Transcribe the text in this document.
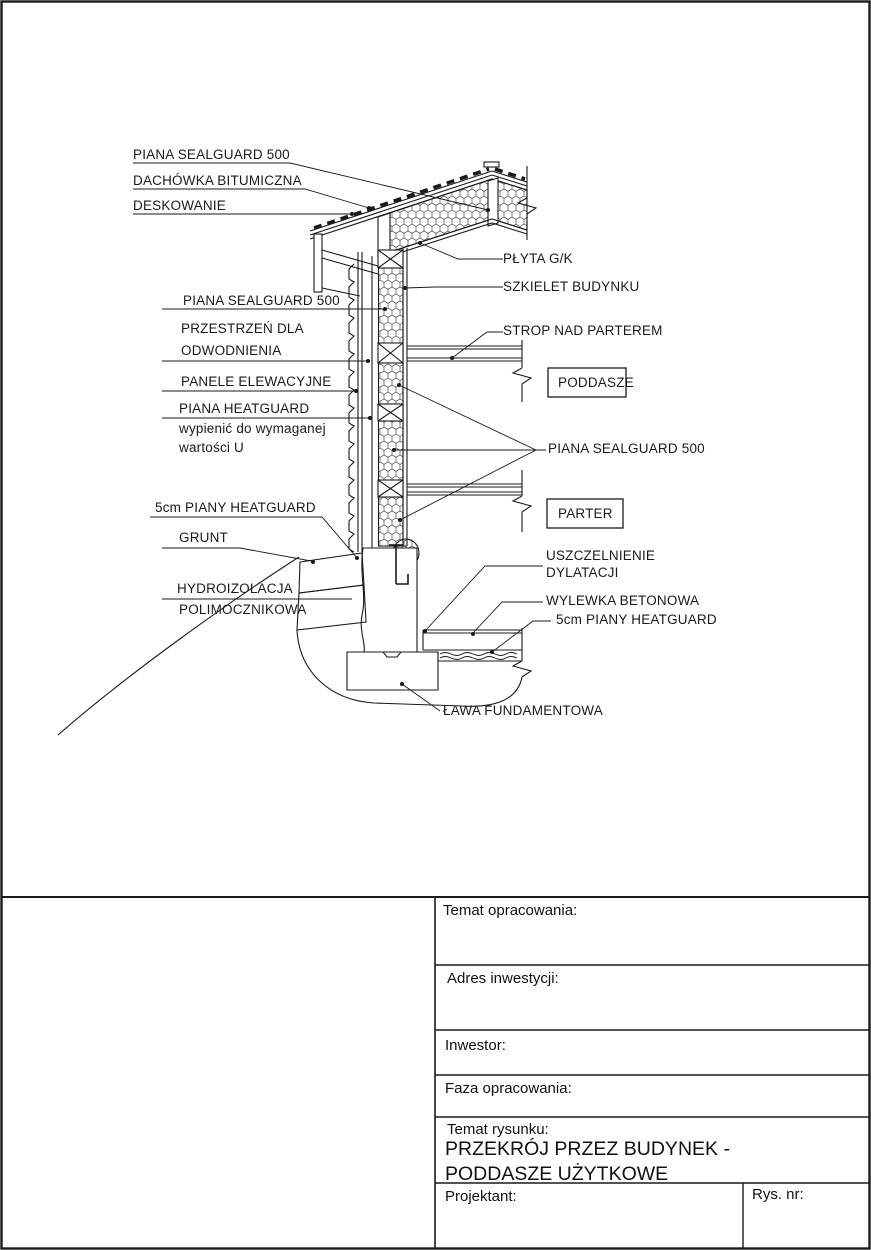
PIANA SEALGUARD 500
DACHÓWKA BITUMICZNA
DESKOWANIE
PIANA SEALGUARD 500
PRZESTRZEŃ DLA
ODWODNIENIA
PANELE ELEWACYJNE
PIANA HEATGUARD
wypienić do wymaganej
wartości U
5cm PIANY HEATGUARD
GRUNT
HYDROIZOLACJA
POLIMOCZNIKOWA
PŁYTA G/K
SZKIELET BUDYNKU
STROP NAD PARTEREM
PODDASZE
PIANA SEALGUARD 500
PARTER
USZCZELNIENIE
DYLATACJI
WYLEWKA BETONOWA
5cm PIANY HEATGUARD
ŁAWA FUNDAMENTOWA
Temat opracowania:
Adres inwestycji:
Inwestor:
Faza opracowania:
Temat rysunku:
PRZEKRÓJ PRZEZ BUDYNEK -
PODDASZE UŻYTKOWE
Projektant:	Rys. nr:
